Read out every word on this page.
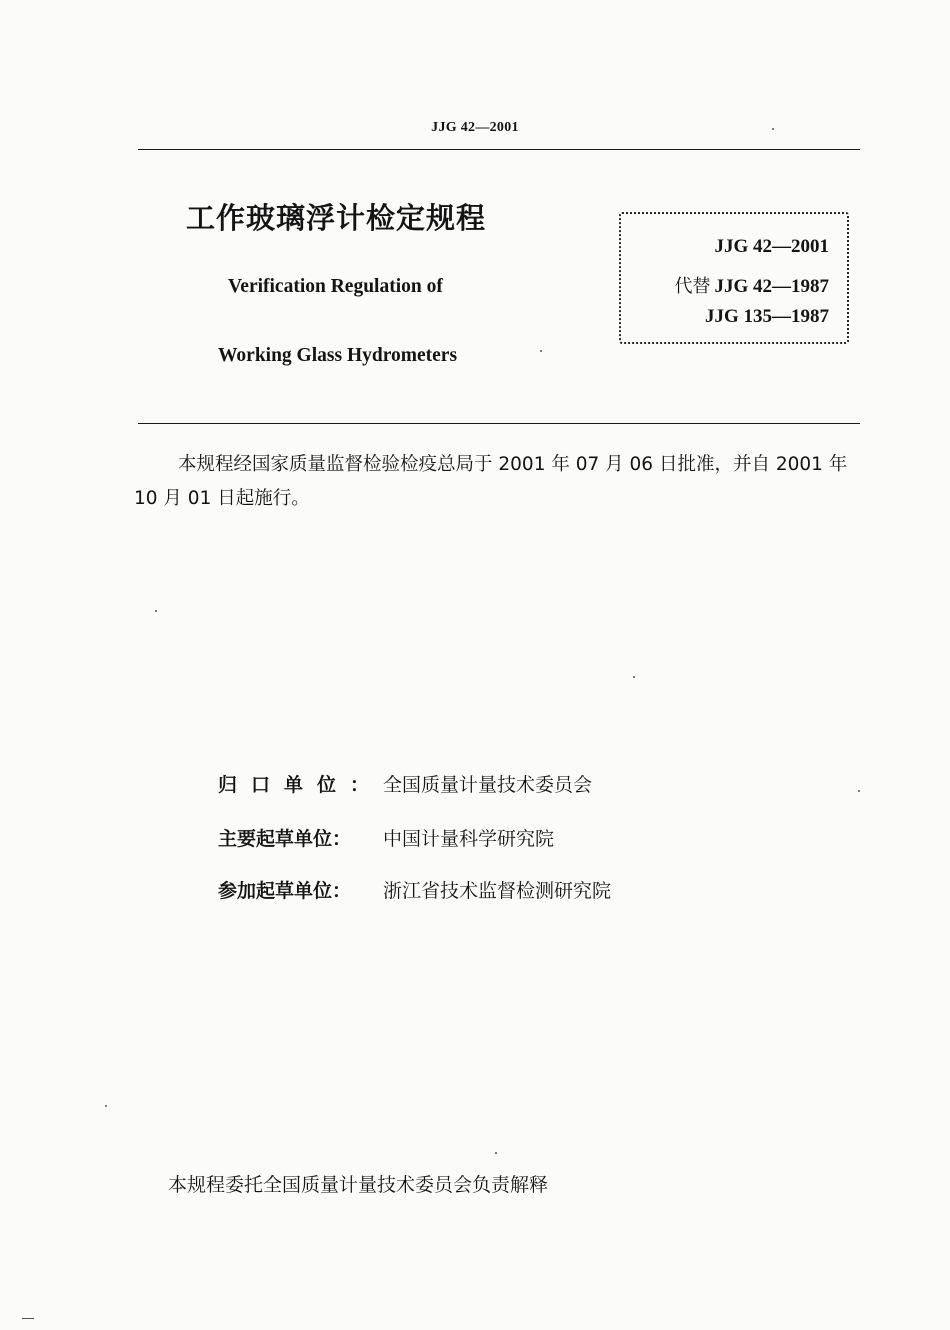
JJG 42—2001
工作玻璃浮计检定规程
Verification Regulation of
Working Glass Hydrometers
JJG 42—2001
代替 JJG 42—1987
JJG 135—1987
本规程经国家质量监督检验检疫总局于 2001 年 07 月 06 日批准，并自 2001 年 10 月 01 日起施行。
归口单位：全国质量计量技术委员会
主要起草单位： 中国计量科学研究院
参加起草单位： 浙江省技术监督检测研究院
本规程委托全国质量计量技术委员会负责解释
